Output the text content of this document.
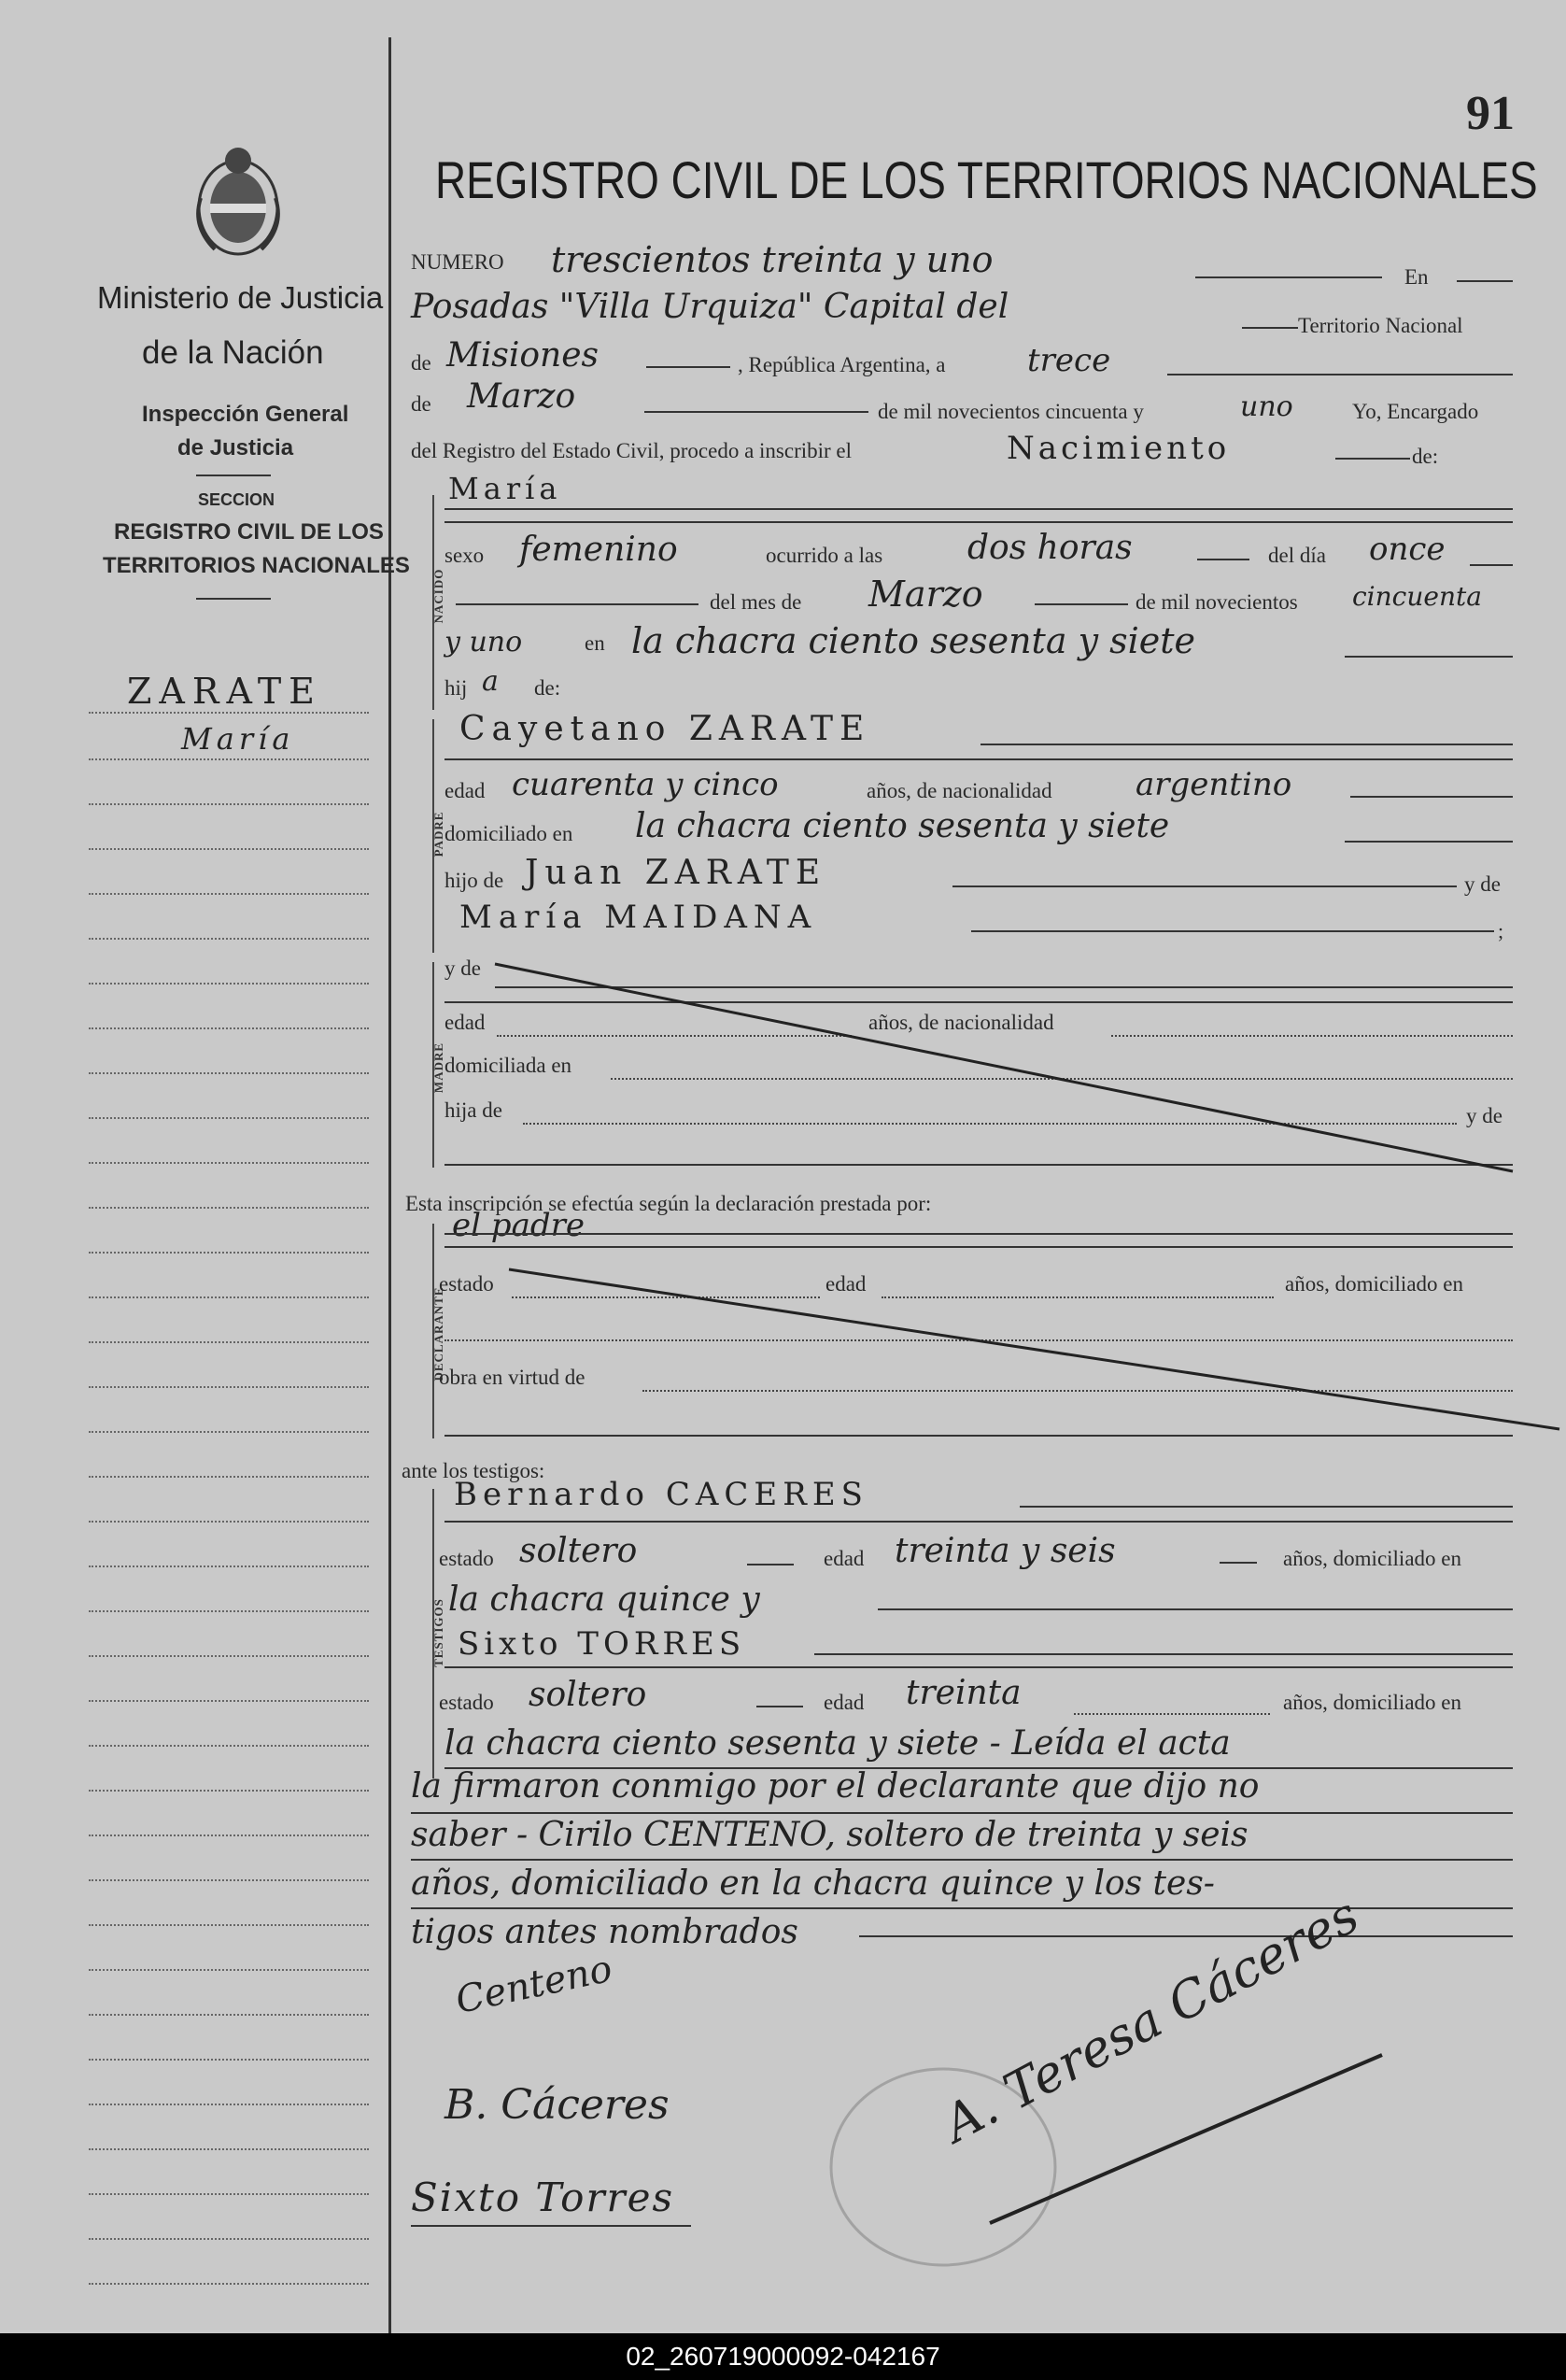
91
Ministerio de Justicia
de la Nación
Inspección General
de Justicia
SECCION
REGISTRO CIVIL DE LOS
TERRITORIOS NACIONALES
ZARATE
María
REGISTRO CIVIL DE LOS TERRITORIOS NACIONALES
NUMERO trescientos treinta y uno	En
Posadas "Villa Urquiza" Capital del	Territorio Nacional
de Misiones	, República Argentina, a	trece
de Marzo	de mil novecientos cincuenta y	uno	Yo, Encargado
del Registro del Estado Civil, procedo a inscribir el	Nacimiento	de:
NACIDO
María
sexo femenino	ocurrido a las	dos horas	del día once
del mes de Marzo	de mil novecientos cincuenta
y uno	en la chacra ciento sesenta y siete
hij a de:
PADRE
Cayetano ZARATE
edad cuarenta y cinco	años, de nacionalidad	argentino
domiciliado en la chacra ciento sesenta y siete
hijo de Juan ZARATE	y de
María MAIDANA	;
MADRE
y de
edad	años, de nacionalidad
domiciliada en
hija de	y de
Esta inscripción se efectúa según la declaración prestada por:
DECLARANTE
el padre
estado	edad	años, domiciliado en
obra en virtud de
ante los testigos:
TESTIGOS
Bernardo CACERES
estado soltero	edad treinta y seis	años, domiciliado en
la chacra quince y
Sixto TORRES
estado soltero	edad treinta	años, domiciliado en
la chacra ciento sesenta y siete - Leída el acta
la firmaron conmigo por el declarante que dijo no
saber - Cirilo CENTENO, soltero de treinta y seis
años, domiciliado en la chacra quince y los tes-
tigos antes nombrados
Centeno
B. Cáceres
Sixto Torres
A. Teresa Cáceres
02_260719000092-042167
